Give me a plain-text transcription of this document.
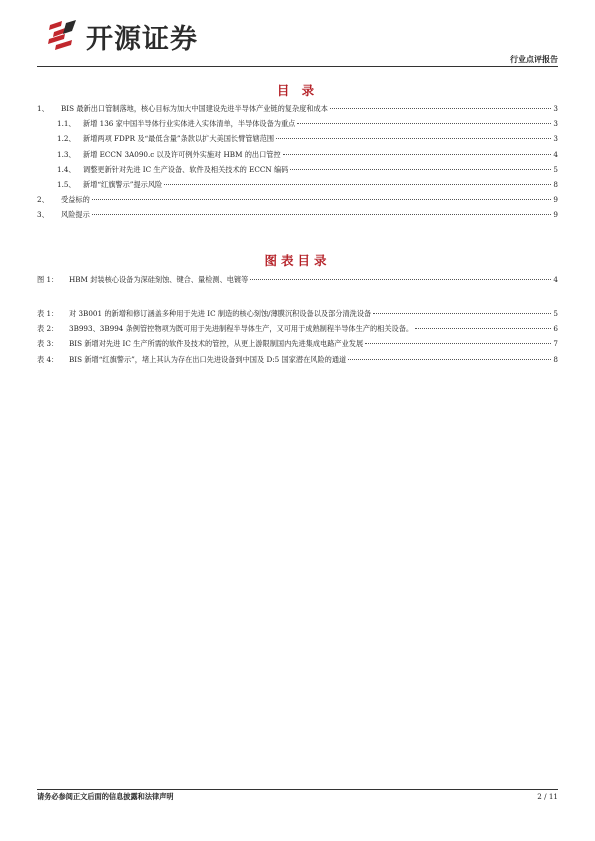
开源证券
行业点评报告
目 录
1、	BIS 最新出口管制落地，核心目标为加大中国建设先进半导体产业链的复杂度和成本	3
1.1、	新增 136 家中国半导体行业实体进入实体清单，半导体设备为重点	3
1.2、	新增两项 FDPR 及“最低含量”条款以扩大美国长臂管辖范围	3
1.3、	新增 ECCN 3A090.c 以及许可例外实施对 HBM 的出口管控	4
1.4、	调整更新针对先进 IC 生产设备、软件及相关技术的 ECCN 编码	5
1.5、	新增“红旗警示”提示风险	8
2、	受益标的	9
3、	风险提示	9
图表目录
图 1：	HBM 封装核心设备为深硅刻蚀、键合、量检测、电镀等	4
表 1：	对 3B001 的新增和修订涵盖多种用于先进 IC 制造的核心刻蚀/薄膜沉积设备以及部分清洗设备	5
表 2：	3B993、3B994 条例管控物项为既可用于先进制程半导体生产，又可用于成熟制程半导体生产的相关设备。	6
表 3：	BIS 新增对先进 IC 生产所需的软件及技术的管控，从更上游限制国内先进集成电路产业发展	7
表 4：	BIS 新增“红旗警示”，堵上其认为存在出口先进设备到中国及 D:5 国家潜在风险的通道	8
请务必参阅正文后面的信息披露和法律声明	2 / 11
